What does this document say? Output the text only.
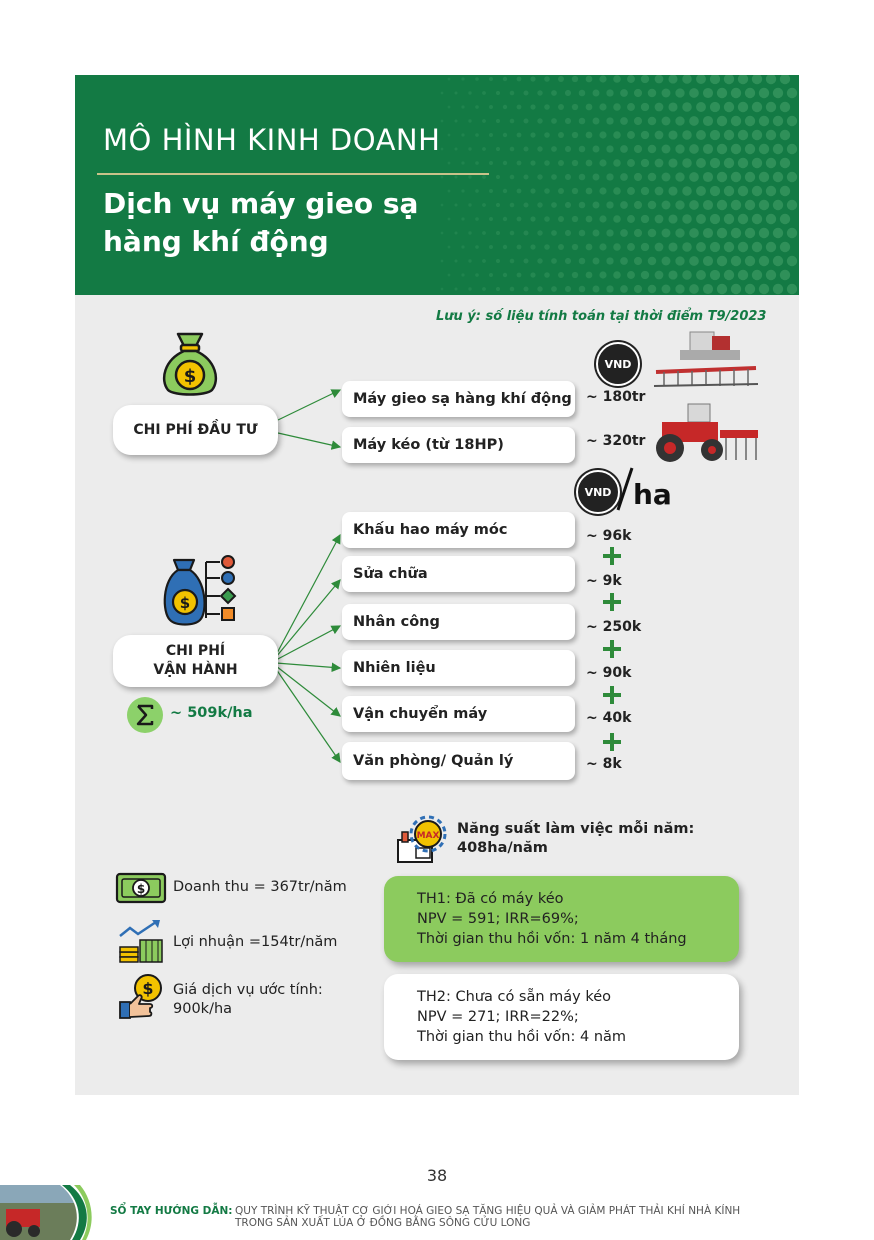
MÔ HÌNH KINH DOANH
Dịch vụ máy gieo sạ hàng khí động
Lưu ý: số liệu tính toán tại thời điểm T9/2023
$
CHI PHÍ ĐẦU TƯ
VND
Máy gieo sạ hàng khí động ~ 180tr
Máy kéo (từ 18HP)	~ 320tr
VND ha
$
CHI PHÍ
VẬN HÀNH
~ 509k/ha
Khấu hao máy móc	~ 96k
Sửa chữa	~ 9k
Nhân công	~ 250k
Nhiên liệu	~ 90k
Vận chuyển máy	~ 40k
Văn phòng/ Quản lý	~ 8k
MAX Năng suất làm việc mỗi năm:
408ha/năm
$ Doanh thu = 367tr/năm
Lợi nhuận =154tr/năm
$ Giá dịch vụ ước tính:
900k/ha
TH1: Đã có máy kéo
NPV = 591; IRR=69%;
Thời gian thu hồi vốn: 1 năm 4 tháng
TH2: Chưa có sẵn máy kéo
NPV = 271; IRR=22%;
Thời gian thu hồi vốn: 4 năm
38
SỔ TAY HƯỚNG DẪN: QUY TRÌNH KỸ THUẬT CƠ GIỚI HOÁ GIEO SẠ TĂNG HIỆU QUẢ VÀ GIẢM PHÁT THẢI KHÍ NHÀ KÍNH
TRONG SẢN XUẤT LÚA Ở ĐỒNG BẰNG SÔNG CỬU LONG
